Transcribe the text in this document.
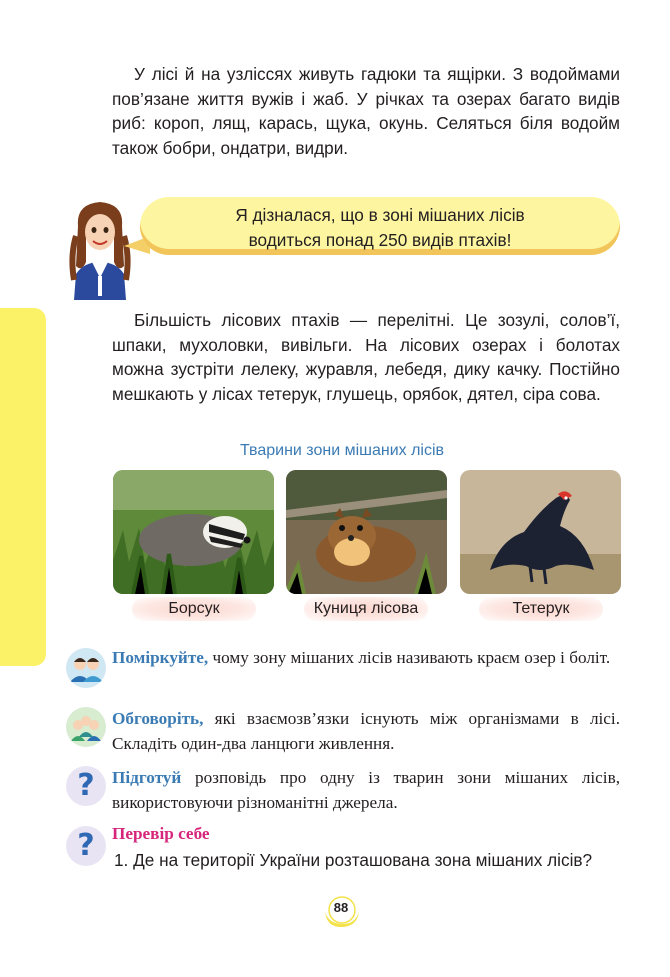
У лісі й на узліссях живуть гадюки та ящірки. З водоймами пов’язане життя вужів і жаб. У річках та озерах багато видів риб: короп, лящ, карась, щука, окунь. Селяться біля водойм також бобри, ондатри, видри.

Я дізналася, що в зоні мішаних лісів
водиться понад 250 видів птахів!

Більшість лісових птахів — перелітні. Це зозулі, солов’ї, шпаки, мухоловки, вивільги. На лісових озерах і болотах можна зустріти лелеку, журавля, лебедя, дику качку. Постійно мешкають у лісах тетерук, глушець, орябок, дятел, сіра сова.

Тварини зони мішаних лісів
Борсук	Куниця лісова	Тетерук
Поміркуйте, чому зону мішаних лісів називають краєм озер і боліт.
Обговоріть, які взаємозв’язки існують між організмами в лісі. Складіть один-два ланцюги живлення.
?	Підготуй розповідь про одну із тварин зони мішаних лісів, використовуючи різноманітні джерела.
?	Перевір себе
1. Де на території України розташована зона мішаних лісів?
88
